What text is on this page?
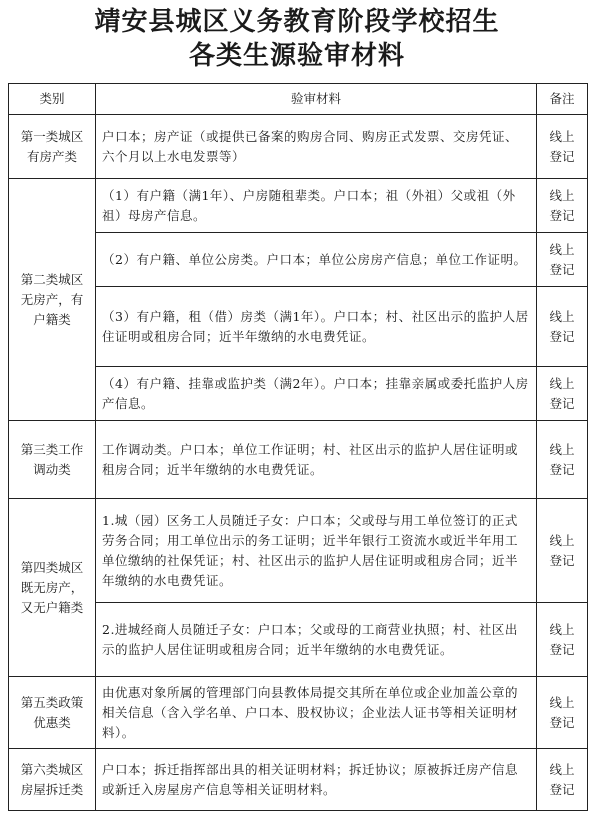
靖安县城区义务教育阶段学校招生
各类生源验审材料
类别	验审材料	备注
第一类城区有房产类	户口本；房产证（或提供已备案的购房合同、购房正式发票、交房凭证、六个月以上水电发票等）	线上登记
第二类城区无房产，有户籍类	（1）有户籍（满1年）、户房随租辈类。户口本；祖（外祖）父或祖（外祖）母房产信息。	线上登记
	（2）有户籍、单位公房类。户口本；单位公房房产信息；单位工作证明。	线上登记
	（3）有户籍，租（借）房类（满1年）。户口本；村、社区出示的监护人居住证明或租房合同；近半年缴纳的水电费凭证。	线上登记
	（4）有户籍、挂靠或监护类（满2年）。户口本；挂靠亲属或委托监护人房产信息。	线上登记
第三类工作调动类	工作调动类。户口本；单位工作证明；村、社区出示的监护人居住证明或租房合同；近半年缴纳的水电费凭证。	线上登记
第四类城区既无房产，又无户籍类	1.城（园）区务工人员随迁子女：户口本；父或母与用工单位签订的正式劳务合同；用工单位出示的务工证明；近半年银行工资流水或近半年用工单位缴纳的社保凭证；村、社区出示的监护人居住证明或租房合同；近半年缴纳的水电费凭证。	线上登记
	2.进城经商人员随迁子女：户口本；父或母的工商营业执照；村、社区出示的监护人居住证明或租房合同；近半年缴纳的水电费凭证。	线上登记
第五类政策优惠类	由优惠对象所属的管理部门向县教体局提交其所在单位或企业加盖公章的相关信息（含入学名单、户口本、股权协议；企业法人证书等相关证明材料）。	线上登记
第六类城区房屋拆迁类	户口本；拆迁指挥部出具的相关证明材料；拆迁协议；原被拆迁房产信息或新迁入房屋房产信息等相关证明材料。	线上登记
